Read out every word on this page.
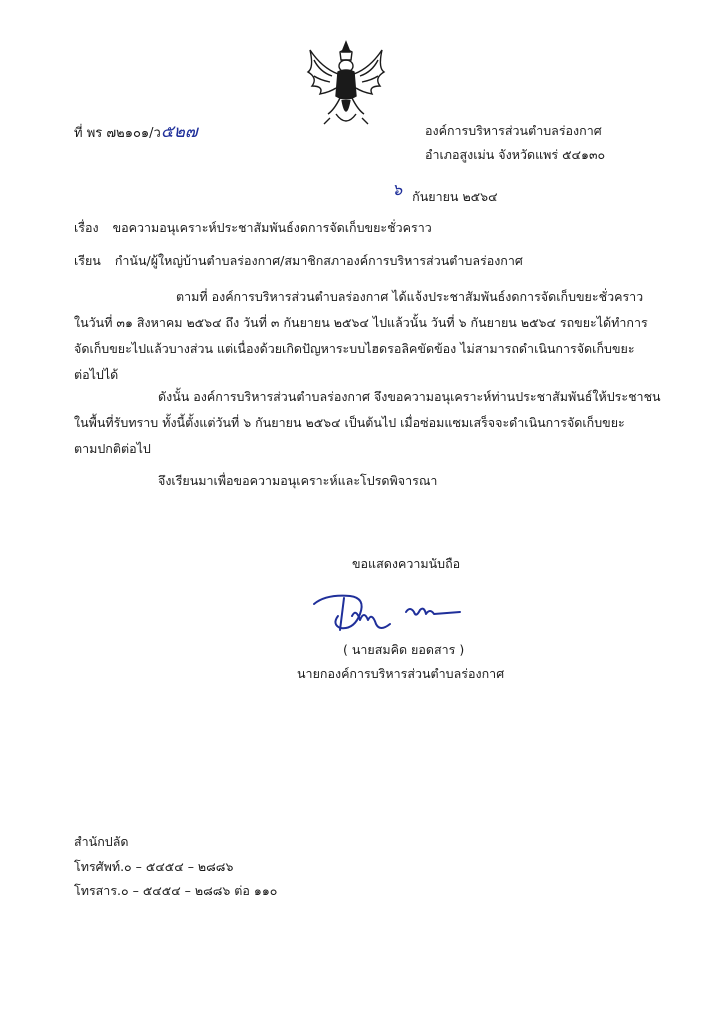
ที่ พร ๗๒๑๐๑/ว๕๒๗	องค์การบริหารส่วนตำบลร่องกาศ
อำเภอสูงเม่น จังหวัดแพร่ ๕๔๑๓๐
๖ กันยายน ๒๕๖๔
เรื่อง ขอความอนุเคราะห์ประชาสัมพันธ์งดการจัดเก็บขยะชั่วคราว
เรียน กำนัน/ผู้ใหญ่บ้านตำบลร่องกาศ/สมาชิกสภาองค์การบริหารส่วนตำบลร่องกาศ
ตามที่ องค์การบริหารส่วนตำบลร่องกาศ ได้แจ้งประชาสัมพันธ์งดการจัดเก็บขยะชั่วคราว
ในวันที่ ๓๑ สิงหาคม ๒๕๖๔ ถึง วันที่ ๓ กันยายน ๒๕๖๔ ไปแล้วนั้น วันที่ ๖ กันยายน ๒๕๖๔ รถขยะได้ทำการ
จัดเก็บขยะไปแล้วบางส่วน แต่เนื่องด้วยเกิดปัญหาระบบไฮดรอลิคขัดข้อง ไม่สามารถดำเนินการจัดเก็บขยะ
ต่อไปได้
ดังนั้น องค์การบริหารส่วนตำบลร่องกาศ จึงขอความอนุเคราะห์ท่านประชาสัมพันธ์ให้ประชาชน
ในพื้นที่รับทราบ ทั้งนี้ตั้งแต่วันที่ ๖ กันยายน ๒๕๖๔ เป็นต้นไป เมื่อซ่อมแซมเสร็จจะดำเนินการจัดเก็บขยะ
ตามปกติต่อไป
จึงเรียนมาเพื่อขอความอนุเคราะห์และโปรดพิจารณา
ขอแสดงความนับถือ
( นายสมคิด ยอดสาร )
นายกองค์การบริหารส่วนตำบลร่องกาศ
สำนักปลัด
โทรศัพท์.๐ – ๕๔๕๔ – ๒๘๘๖
โทรสาร.๐ – ๕๔๕๔ – ๒๘๘๖ ต่อ ๑๑๐
